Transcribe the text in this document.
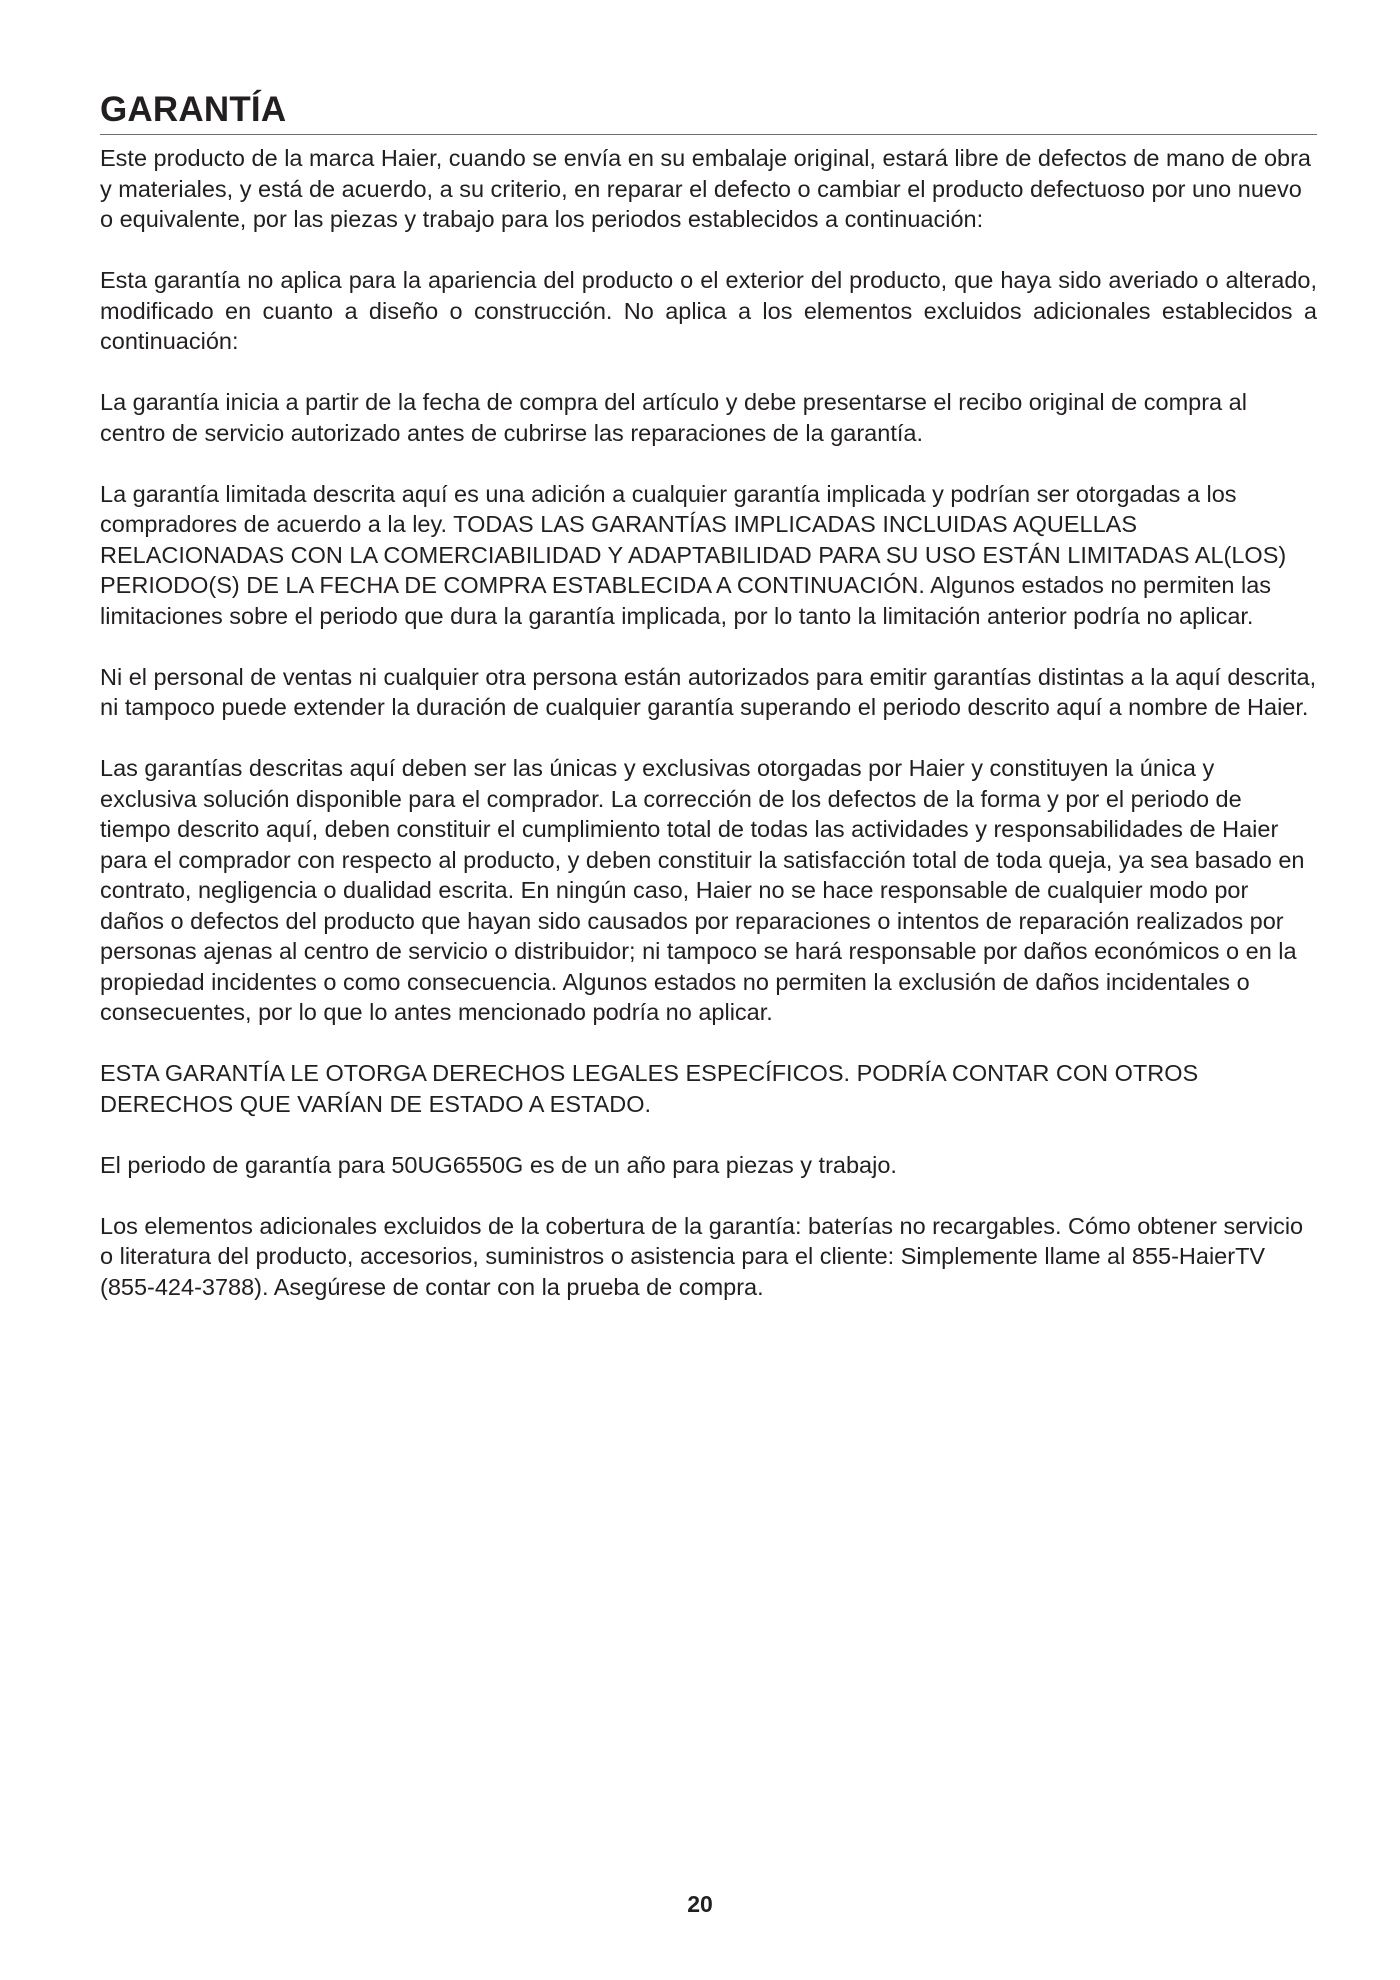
GARANTÍA

Este producto de la marca Haier, cuando se envía en su embalaje original, estará libre de defectos de mano de obra y materiales, y está de acuerdo, a su criterio, en reparar el defecto o cambiar el producto defectuoso por uno nuevo o equivalente, por las piezas y trabajo para los periodos establecidos a continuación:

Esta garantía no aplica para la apariencia del producto o el exterior del producto, que haya sido averiado o alterado, modificado en cuanto a diseño o construcción. No aplica a los elementos excluidos adicionales establecidos a continuación:

La garantía inicia a partir de la fecha de compra del artículo y debe presentarse el recibo original de compra al centro de servicio autorizado antes de cubrirse las reparaciones de la garantía.

La garantía limitada descrita aquí es una adición a cualquier garantía implicada y podrían ser otorgadas a los compradores de acuerdo a la ley. TODAS LAS GARANTÍAS IMPLICADAS INCLUIDAS AQUELLAS RELACIONADAS CON LA COMERCIABILIDAD Y ADAPTABILIDAD PARA SU USO ESTÁN LIMITADAS AL(LOS) PERIODO(S) DE LA FECHA DE COMPRA ESTABLECIDA A CONTINUACIÓN. Algunos estados no permiten las limitaciones sobre el periodo que dura la garantía implicada, por lo tanto la limitación anterior podría no aplicar.

Ni el personal de ventas ni cualquier otra persona están autorizados para emitir garantías distintas a la aquí descrita, ni tampoco puede extender la duración de cualquier garantía superando el periodo descrito aquí a nombre de Haier.

Las garantías descritas aquí deben ser las únicas y exclusivas otorgadas por Haier y constituyen la única y exclusiva solución disponible para el comprador. La corrección de los defectos de la forma y por el periodo de tiempo descrito aquí, deben constituir el cumplimiento total de todas las actividades y responsabilidades de Haier para el comprador con respecto al producto, y deben constituir la satisfacción total de toda queja, ya sea basado en contrato, negligencia o dualidad escrita. En ningún caso, Haier no se hace responsable de cualquier modo por daños o defectos del producto que hayan sido causados por reparaciones o intentos de reparación realizados por personas ajenas al centro de servicio o distribuidor; ni tampoco se hará responsable por daños económicos o en la propiedad incidentes o como consecuencia. Algunos estados no permiten la exclusión de daños incidentales o consecuentes, por lo que lo antes mencionado podría no aplicar.

ESTA GARANTÍA LE OTORGA DERECHOS LEGALES ESPECÍFICOS. PODRÍA CONTAR CON OTROS DERECHOS QUE VARÍAN DE ESTADO A ESTADO.

El periodo de garantía para 50UG6550G es de un año para piezas y trabajo.

Los elementos adicionales excluidos de la cobertura de la garantía: baterías no recargables. Cómo obtener servicio o literatura del producto, accesorios, suministros o asistencia para el cliente: Simplemente llame al 855-HaierTV (855-424-3788). Asegúrese de contar con la prueba de compra.

20
